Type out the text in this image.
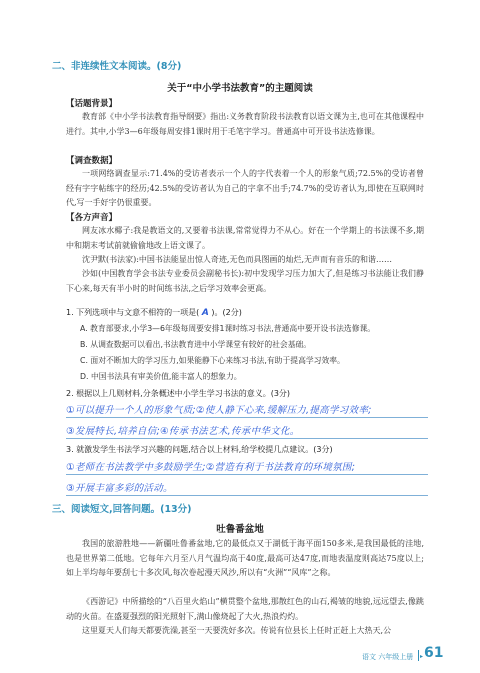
二、非连续性文本阅读。(8分)
关于“中小学书法教育”的主题阅读
【话题背景】
教育部《中小学书法教育指导纲要》指出:义务教育阶段书法教育以语文课为主,也可在其他课程中进行。其中,小学3—6年级每周安排1课时用于毛笔字学习。普通高中可开设书法选修课。
【调查数据】
一项网络调查显示:71.4%的受访者表示一个人的字代表着一个人的形象气质;72.5%的受访者曾经有字字帖练字的经历;42.5%的受访者认为自己的字拿不出手;74.7%的受访者认为,即使在互联网时代,写一手好字仍很重要。
【各方声音】
网友冰水椰子:我是教语文的,又要着书法课,常常觉得力不从心。好在一个学期上的书法课不多,期中和期末考试前就偷偷地改上语文课了。
沈尹默(书法家):中国书法能显出惊人奇迹,无色而具图画的灿烂,无声而有音乐的和谐……
沙如(中国教育学会书法专业委员会副秘书长):初中发现学习压力加大了,但是练习书法能让我们静下心来,每天有半小时的时间练书法,之后学习效率会更高。
1. 下列选项中与文意不相符的一项是( A )。(2分)
A. 教育部要求,小学3—6年级每周要安排1课时练习书法,普通高中要开设书法选修课。
B. 从调查数据可以看出,书法教育进中小学课堂有较好的社会基础。
C. 面对不断加大的学习压力,如果能静下心来练习书法,有助于提高学习效率。
D. 中国书法具有审美价值,能丰富人的想象力。
2. 根据以上几则材料,分条概述中小学生学习书法的意义。(3分)
①可以提升一个人的形象气质;②使人静下心来,缓解压力,提高学习效率;
③发展特长,培养自信;④传承书法艺术,传承中华文化。
3. 就激发学生书法学习兴趣的问题,结合以上材料,给学校提几点建议。(3分)
①老师在书法教学中多鼓励学生;②营造有利于书法教育的环境氛围;
③开展丰富多彩的活动。
三、阅读短文,回答问题。(13分)
吐鲁番盆地
我国的旅游胜地——新疆吐鲁番盆地,它的最低点又于湖低于海平面150多米,是我国最低的洼地,也是世界第二低地。它每年六月至八月气温均高于40度,最高可达47度,而地表温度则高达75度以上;如上半均每年要刮七十多次风,每次卷起漫天风沙,所以有“火洲”“风库”之称。
《西游记》中所描绘的“八百里火焰山”横贯整个盆地,那散红色的山石,褐皱的地貌,远远望去,像跳动的火苗。在盛夏强烈的阳光照射下,满山像烧起了大火,热浪灼灼。
这里夏天人们每天都要洗澡,甚至一天要洗好多次。传说有位县长上任时正赶上大热天,公
语文 六年级上册 ▸ 61
